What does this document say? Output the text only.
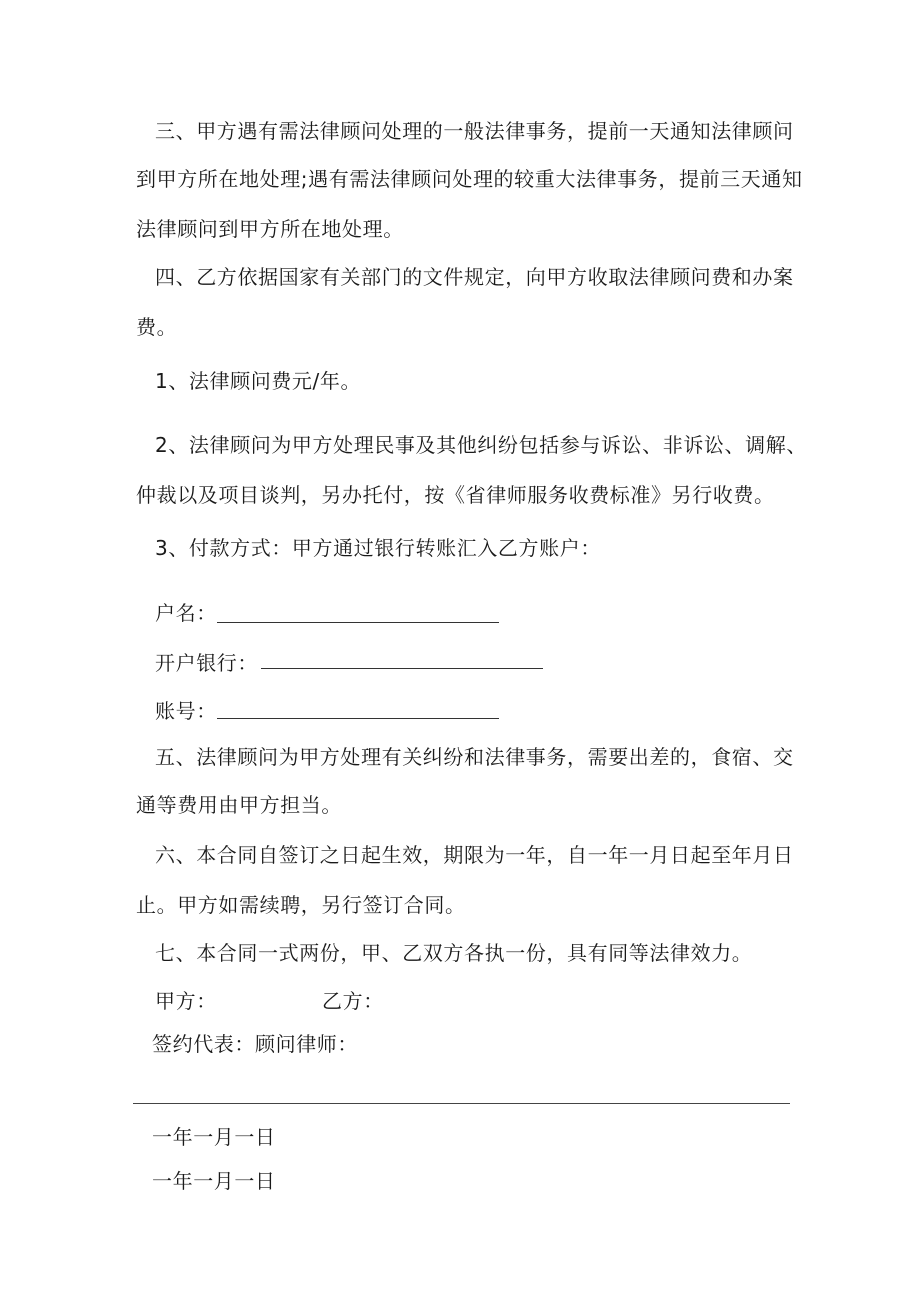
三、甲方遇有需法律顾问处理的一般法律事务，提前一天通知法律顾问
到甲方所在地处理;遇有需法律顾问处理的较重大法律事务，提前三天通知
法律顾问到甲方所在地处理。
四、乙方依据国家有关部门的文件规定，向甲方收取法律顾问费和办案
费。
1、法律顾问费元/年。
2、法律顾问为甲方处理民事及其他纠纷包括参与诉讼、非诉讼、调解、
仲裁以及项目谈判，另办托付，按《省律师服务收费标准》另行收费。
3、付款方式：甲方通过银行转账汇入乙方账户：
户名：
开户银行：
账号：
五、法律顾问为甲方处理有关纠纷和法律事务，需要出差的，食宿、交
通等费用由甲方担当。
六、本合同自签订之日起生效，期限为一年，自一年一月日起至年月日
止。甲方如需续聘，另行签订合同。
七、本合同一式两份，甲、乙双方各执一份，具有同等法律效力。
甲方：	乙方：
签约代表：顾问律师：
一年一月一日
一年一月一日
